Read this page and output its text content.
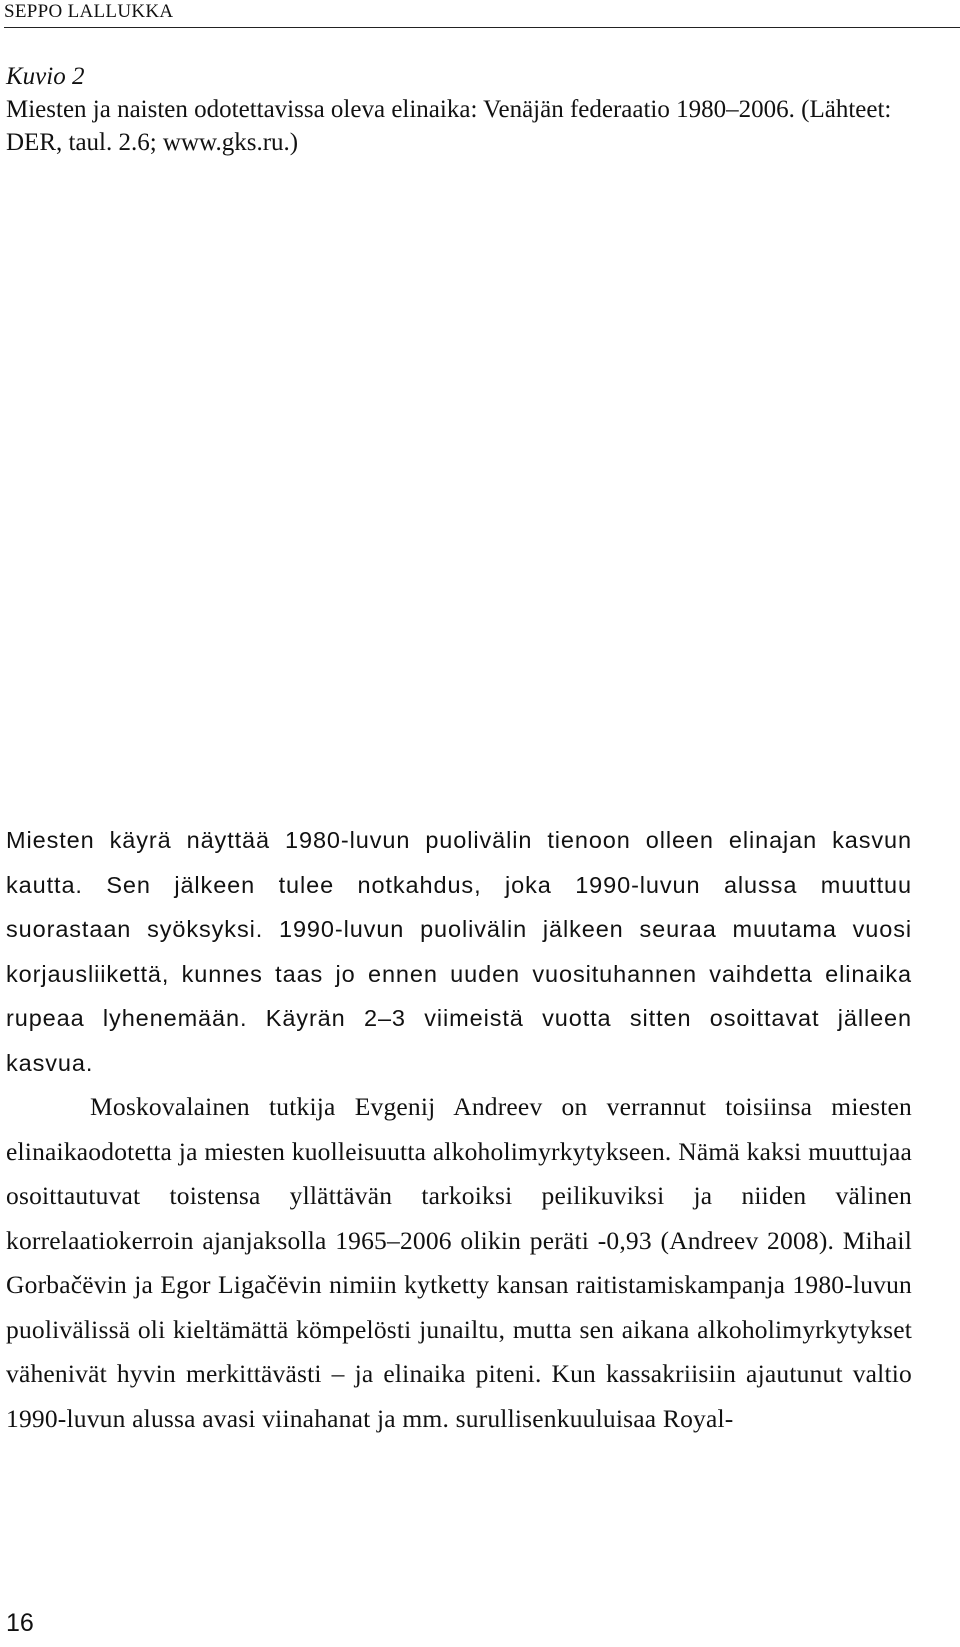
SEPPO LALLUKKA
Kuvio 2
Miesten ja naisten odotettavissa oleva elinaika: Venäjän federaatio 1980–2006. (Lähteet: DER, taul. 2.6; www.gks.ru.)

Miesten käyrä näyttää 1980-luvun puolivälin tienoon olleen elinajan kasvun kautta. Sen jälkeen tulee notkahdus, joka 1990-luvun alussa muuttuu suorastaan syöksyksi. 1990-luvun puolivälin jälkeen seuraa muutama vuosi korjausliikettä, kunnes taas jo ennen uuden vuosituhannen vaihdetta elinaika rupeaa lyhenemään. Käyrän 2–3 viimeistä vuotta sitten osoittavat jälleen kasvua.

Moskovalainen tutkija Evgenij Andreev on verrannut toisiinsa miesten elinaikaodotetta ja miesten kuolleisuutta alkoholimyrkytykseen. Nämä kaksi muuttujaa osoittautuvat toistensa yllättävän tarkoiksi peilikuviksi ja niiden välinen korrelaatiokerroin ajanjaksolla 1965–2006 olikin peräti -0,93 (Andreev 2008). Mihail Gorbačëvin ja Egor Ligačëvin nimiin kytketty kansan raitistamiskampanja 1980-luvun puolivälissä oli kieltämättä kömpelösti junailtu, mutta sen aikana alkoholimyrkytykset vähenivät hyvin merkittävästi – ja elinaika piteni. Kun kassakriisiin ajautunut valtio 1990-luvun alussa avasi viinahanat ja mm. surullisenkuuluisaa Royal-

16
